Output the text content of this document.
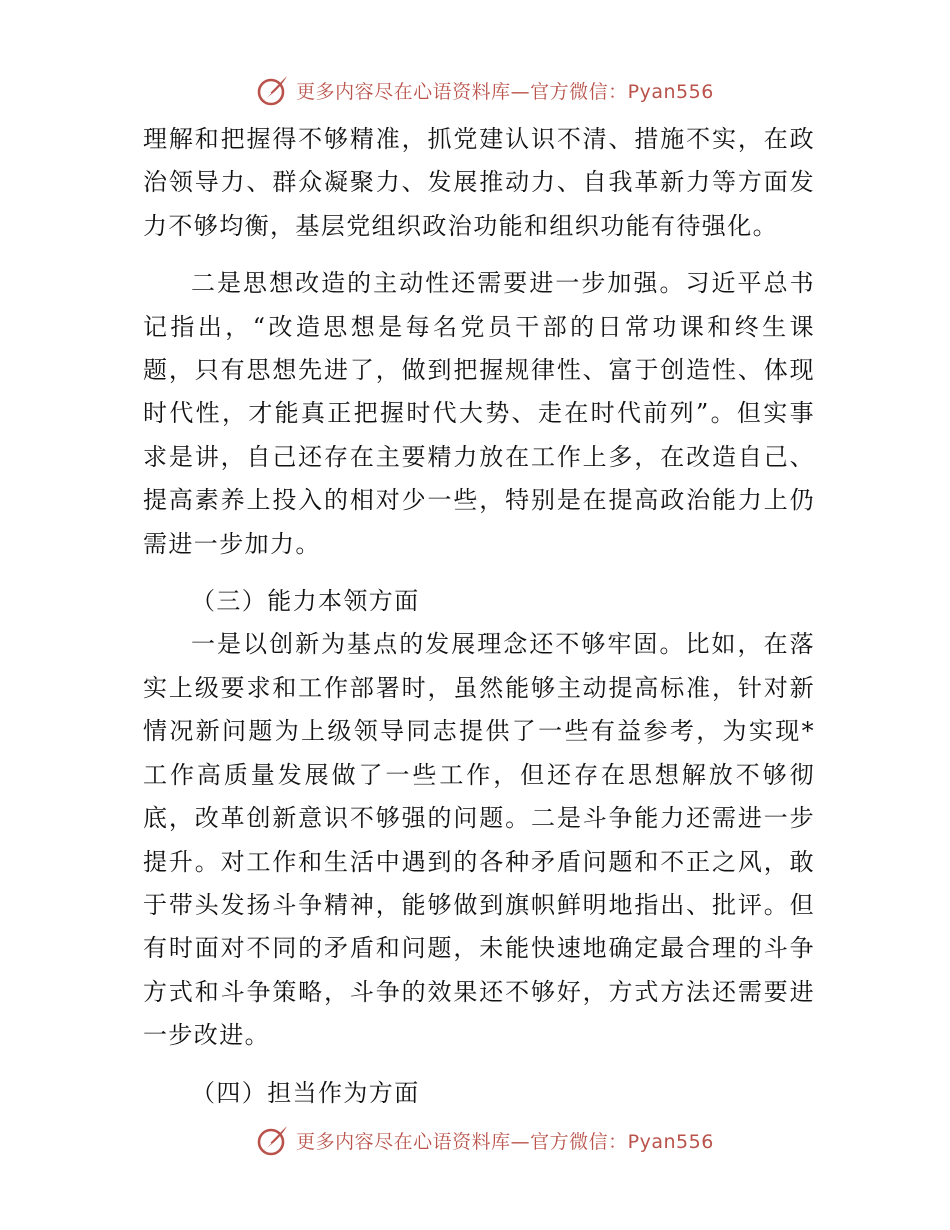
更多内容尽在心语资料库—官方微信：Pyan556

理解和把握得不够精准，抓党建认识不清、措施不实，在政治领导力、群众凝聚力、发展推动力、自我革新力等方面发力不够均衡，基层党组织政治功能和组织功能有待强化。

二是思想改造的主动性还需要进一步加强。习近平总书记指出，“改造思想是每名党员干部的日常功课和终生课题，只有思想先进了，做到把握规律性、富于创造性、体现时代性，才能真正把握时代大势、走在时代前列”。但实事求是讲，自己还存在主要精力放在工作上多，在改造自己、提高素养上投入的相对少一些，特别是在提高政治能力上仍需进一步加力。

（三）能力本领方面

一是以创新为基点的发展理念还不够牢固。比如，在落实上级要求和工作部署时，虽然能够主动提高标准，针对新情况新问题为上级领导同志提供了一些有益参考，为实现*工作高质量发展做了一些工作，但还存在思想解放不够彻底，改革创新意识不够强的问题。二是斗争能力还需进一步提升。对工作和生活中遇到的各种矛盾问题和不正之风，敢于带头发扬斗争精神，能够做到旗帜鲜明地指出、批评。但有时面对不同的矛盾和问题，未能快速地确定最合理的斗争方式和斗争策略，斗争的效果还不够好，方式方法还需要进一步改进。

（四）担当作为方面

更多内容尽在心语资料库—官方微信：Pyan556
